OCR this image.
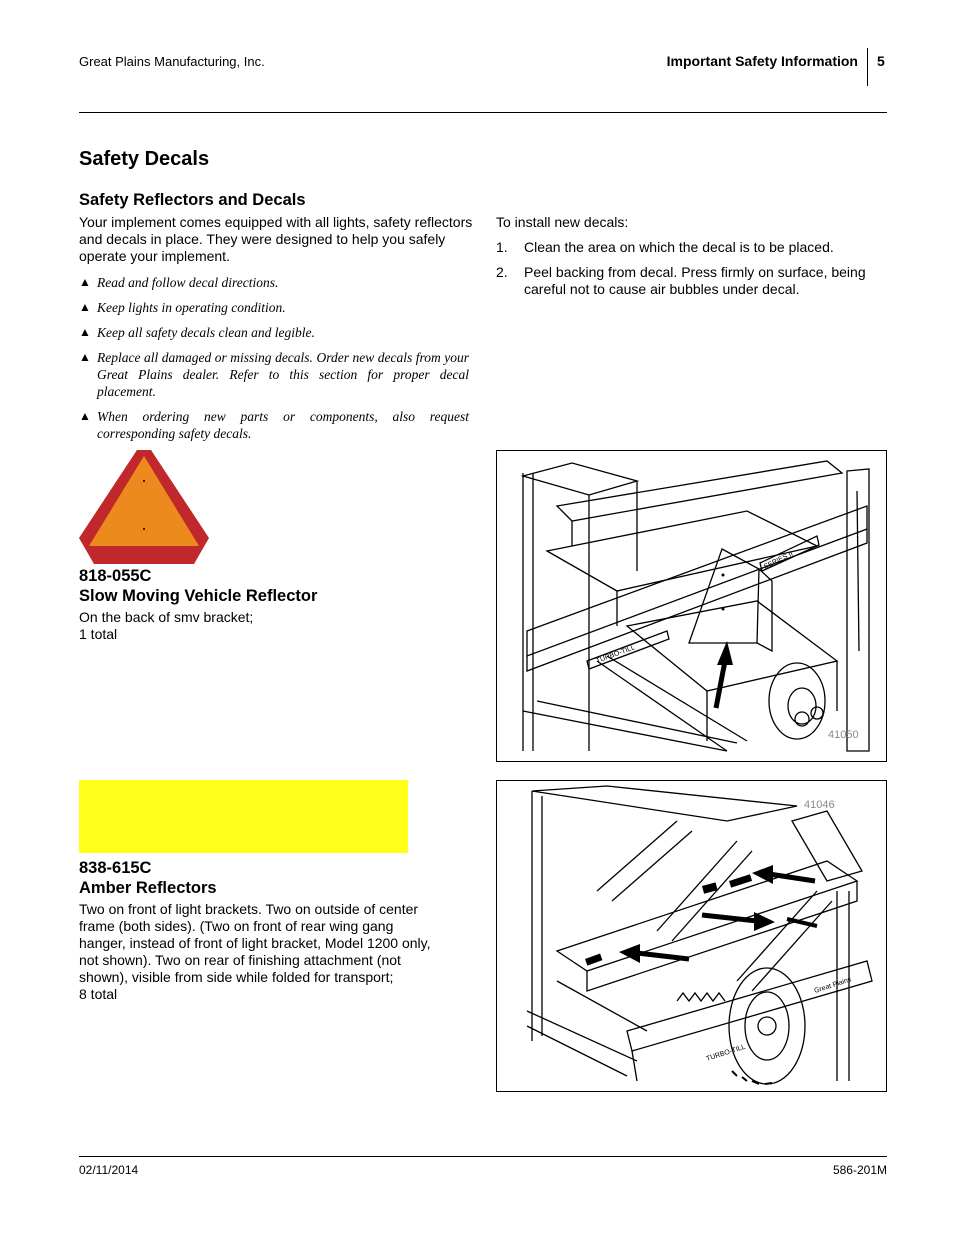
Great Plains Manufacturing, Inc.	Important Safety Information 5
Safety Decals
Safety Reflectors and Decals
Your implement comes equipped with all lights, safety reflectors and decals in place. They were designed to help you safely operate your implement.
▲ Read and follow decal directions.
▲ Keep lights in operating condition.
▲ Keep all safety decals clean and legible.
▲ Replace all damaged or missing decals. Order new decals from your Great Plains dealer. Refer to this section for proper decal placement.
▲ When ordering new parts or components, also request corresponding safety decals.
To install new decals:
1. Clean the area on which the decal is to be placed.
2. Peel backing from decal. Press firmly on surface, being careful not to cause air bubbles under decal.
818-055C
Slow Moving Vehicle Reflector
On the back of smv bracket;
1 total
838-615C
Amber Reflectors
Two on front of light brackets. Two on outside of center
frame (both sides). (Two on front of rear wing gang
hanger, instead of front of light bracket, Model 1200 only,
not shown). Two on rear of finishing attachment (not
shown), visible from side while folded for transport;
8 total
TURBO-TILL
SERIES II
41050
TURBO-TILL
Great Plains
41046
02/11/2014	586-201M
